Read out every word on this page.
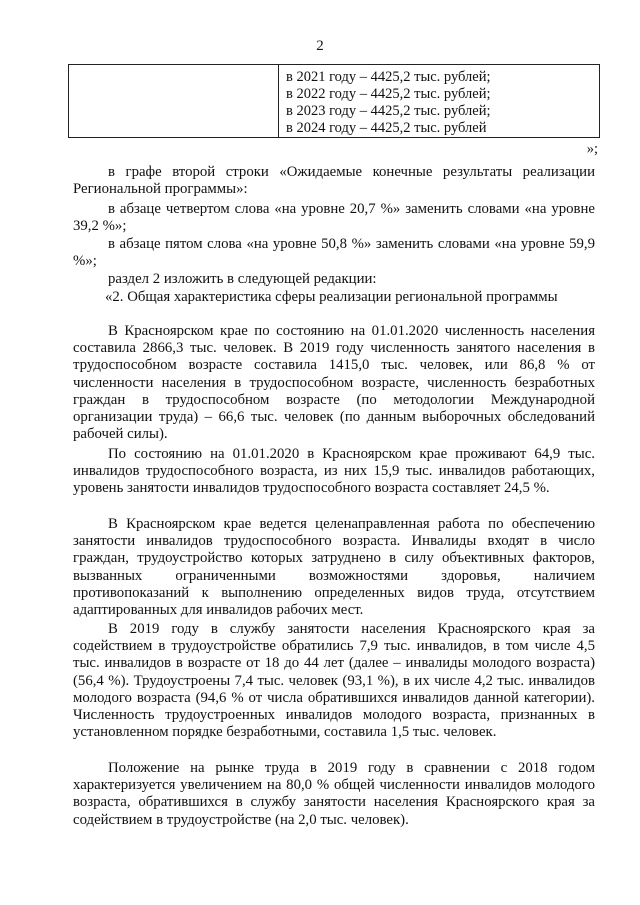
2
в 2021 году – 4425,2 тыс. рублей;
в 2022 году – 4425,2 тыс. рублей;
в 2023 году – 4425,2 тыс. рублей;
в 2024 году – 4425,2 тыс. рублей
»;
в графе второй строки «Ожидаемые конечные результаты реализации Региональной программы»:
в абзаце четвертом слова «на уровне 20,7 %» заменить словами «на уровне 39,2 %»;
в абзаце пятом слова «на уровне 50,8 %» заменить словами «на уровне 59,9 %»;
раздел 2 изложить в следующей редакции:
«2. Общая характеристика сферы реализации региональной программы
В Красноярском крае по состоянию на 01.01.2020 численность населения составила 2866,3 тыс. человек. В 2019 году численность занятого населения в трудоспособном возрасте составила 1415,0 тыс. человек, или 86,8 % от численности населения в трудоспособном возрасте, численность безработных граждан в трудоспособном возрасте (по методологии Международной организации труда) – 66,6 тыс. человек (по данным выборочных обследований рабочей силы).
По состоянию на 01.01.2020 в Красноярском крае проживают 64,9 тыс. инвалидов трудоспособного возраста, из них 15,9 тыс. инвалидов работающих, уровень занятости инвалидов трудоспособного возраста составляет 24,5 %.
В Красноярском крае ведется целенаправленная работа по обеспечению занятости инвалидов трудоспособного возраста. Инвалиды входят в число граждан, трудоустройство которых затруднено в силу объективных факторов, вызванных ограниченными возможностями здоровья, наличием противопоказаний к выполнению определенных видов труда, отсутствием адаптированных для инвалидов рабочих мест.
В 2019 году в службу занятости населения Красноярского края за содействием в трудоустройстве обратились 7,9 тыс. инвалидов, в том числе 4,5 тыс. инвалидов в возрасте от 18 до 44 лет (далее – инвалиды молодого возраста) (56,4 %). Трудоустроены 7,4 тыс. человек (93,1 %), в их числе 4,2 тыс. инвалидов молодого возраста (94,6 % от числа обратившихся инвалидов данной категории). Численность трудоустроенных инвалидов молодого возраста, признанных в установленном порядке безработными, составила 1,5 тыс. человек.
Положение на рынке труда в 2019 году в сравнении с 2018 годом характеризуется увеличением на 80,0 % общей численности инвалидов молодого возраста, обратившихся в службу занятости населения Красноярского края за содействием в трудоустройстве (на 2,0 тыс. человек).
